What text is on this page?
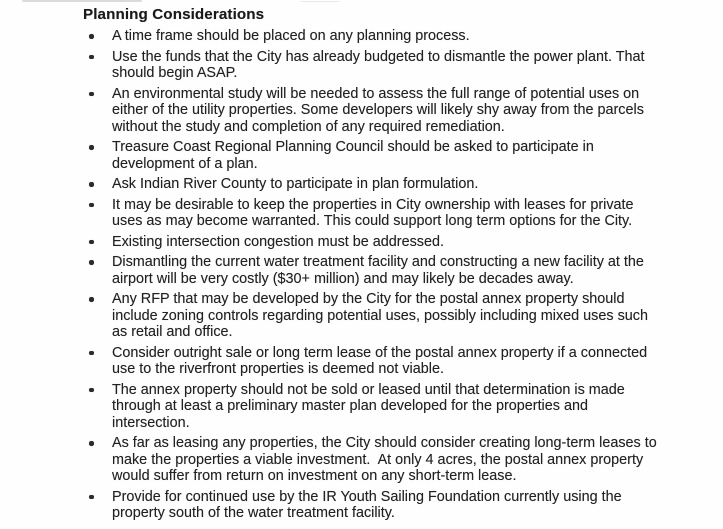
Planning Considerations
A time frame should be placed on any planning process.
Use the funds that the City has already budgeted to dismantle the power plant. That
should begin ASAP.
An environmental study will be needed to assess the full range of potential uses on
either of the utility properties. Some developers will likely shy away from the parcels
without the study and completion of any required remediation.
Treasure Coast Regional Planning Council should be asked to participate in
development of a plan.
Ask Indian River County to participate in plan formulation.
It may be desirable to keep the properties in City ownership with leases for private
uses as may become warranted. This could support long term options for the City.
Existing intersection congestion must be addressed.
Dismantling the current water treatment facility and constructing a new facility at the
airport will be very costly ($30+ million) and may likely be decades away.
Any RFP that may be developed by the City for the postal annex property should
include zoning controls regarding potential uses, possibly including mixed uses such
as retail and office.
Consider outright sale or long term lease of the postal annex property if a connected
use to the riverfront properties is deemed not viable.
The annex property should not be sold or leased until that determination is made
through at least a preliminary master plan developed for the properties and
intersection.
As far as leasing any properties, the City should consider creating long-term leases to
make the properties a viable investment.  At only 4 acres, the postal annex property
would suffer from return on investment on any short-term lease.
Provide for continued use by the IR Youth Sailing Foundation currently using the
property south of the water treatment facility.
